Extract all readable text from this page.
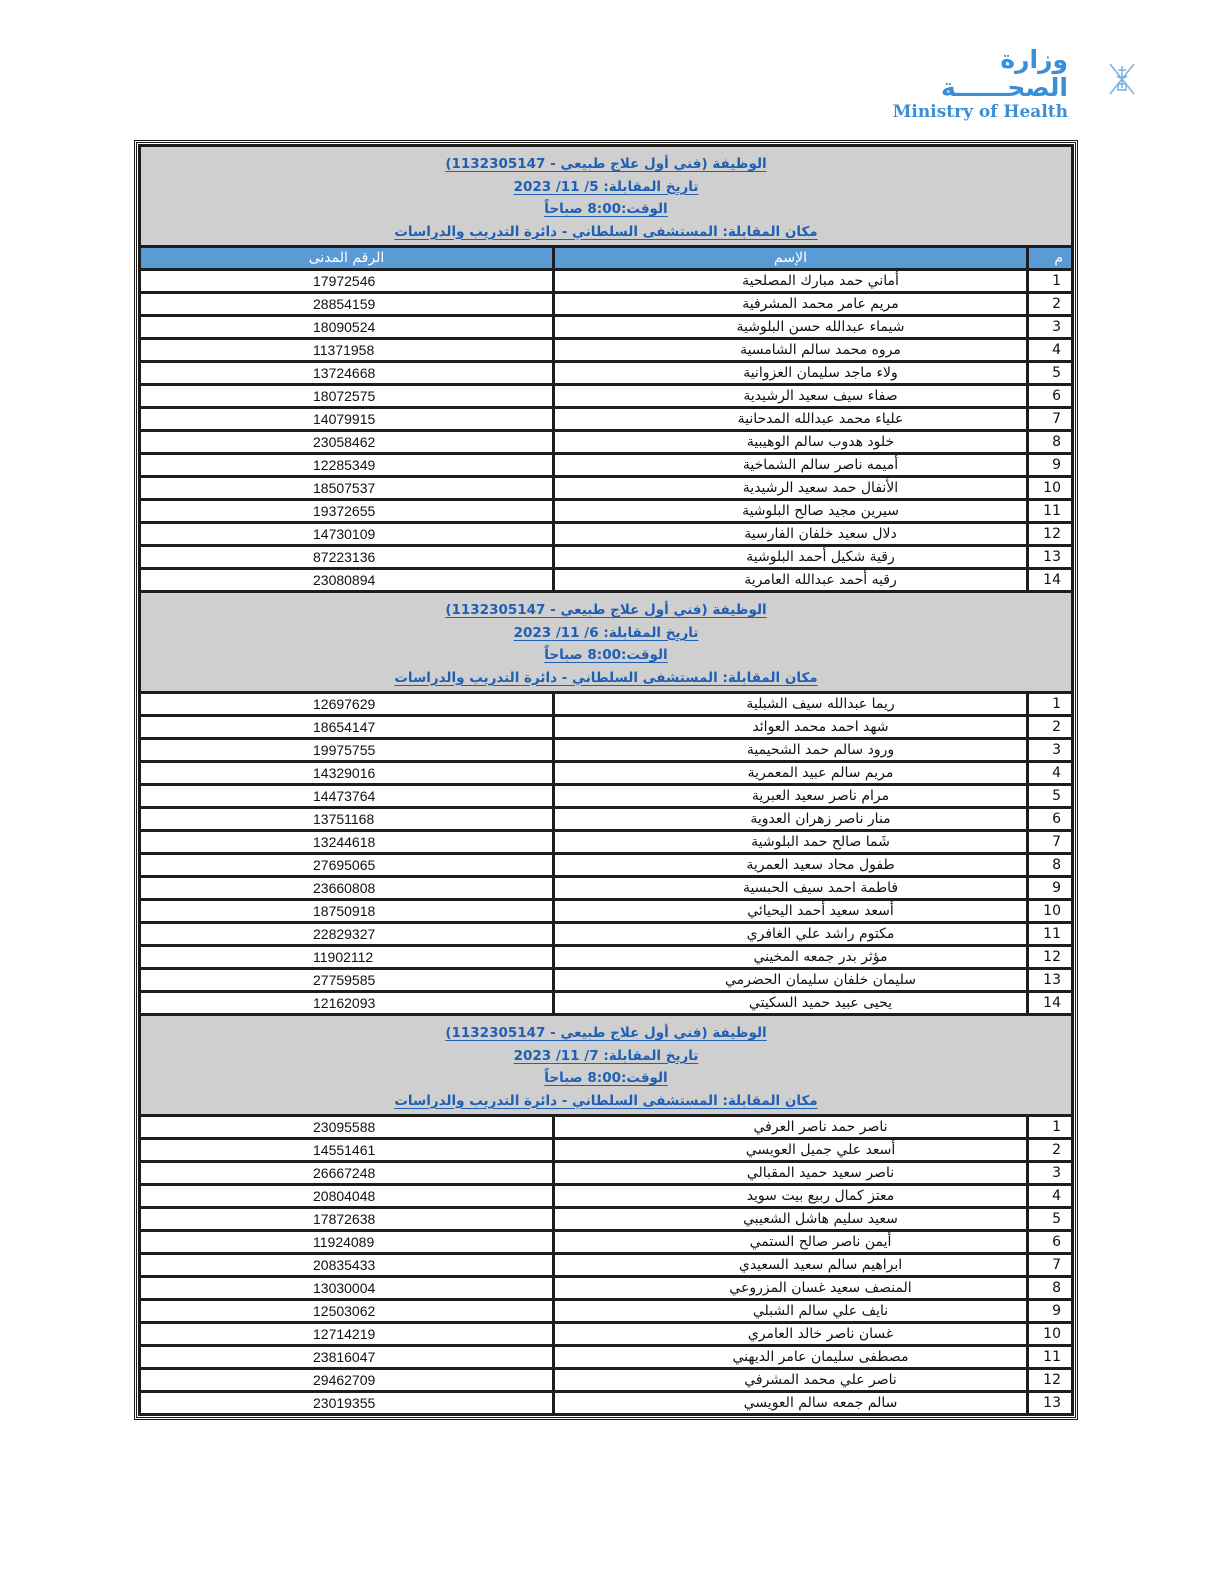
وزارة الصحــــــة
Ministry of Health
الوظيفة (فني أول علاج طبيعي - 1132305147)
تاريخ المقابلة: 5/ 11/ 2023
الوقت:8:00 صباحاً
مكان المقابلة: المستشفى السلطاني - دائرة التدريب والدراسات		

م	الإسم	الرقم المدنى
1	أماني حمد مبارك المصلحية	17972546
2	مريم عامر محمد المشرفية	28854159
3	شيماء عبدالله حسن البلوشية	18090524
4	مروه محمد سالم الشامسية	11371958
5	ولاء ماجد سليمان العزوانية	13724668
6	صفاء سيف سعيد الرشيدية	18072575
7	علياء محمد عبدالله المدحانية	14079915
8	خلود هدوب سالم الوهيبية	23058462
9	أميمه ناصر سالم الشماخية	12285349
10	الأنفال حمد سعيد الرشيدية	18507537
11	سيرين مجيد صالح البلوشية	19372655
12	دلال سعيد خلفان الفارسية	14730109
13	رقية شكيل أحمد البلوشية	87223136
14	رقيه أحمد عبدالله العامرية	23080894

الوظيفة (فني أول علاج طبيعي - 1132305147)
تاريخ المقابلة: 6/ 11/ 2023
الوقت:8:00 صباحاً
مكان المقابلة: المستشفى السلطاني - دائرة التدريب والدراسات		

1	ريما عبدالله سيف الشبلية	12697629
2	شهد احمد محمد العوائد	18654147
3	ورود سالم حمد الشحيمية	19975755
4	مريم سالم عبيد المعمرية	14329016
5	مرام ناصر سعيد العبرية	14473764
6	منار ناصر زهران العدوية	13751168
7	شَما صالح حمد البلوشية	13244618
8	طفول محاد سعيد العمرية	27695065
9	فاطمة احمد سيف الحبسية	23660808
10	أسعد سعيد أحمد اليحيائي	18750918
11	مكتوم راشد علي الغافري	22829327
12	مؤثر بدر جمعه المخيني	11902112
13	سليمان خلفان سليمان الحضرمي	27759585
14	يحيى عبيد حميد السكيتي	12162093

الوظيفة (فني أول علاج طبيعي - 1132305147)
تاريخ المقابلة: 7/ 11/ 2023
الوقت:8:00 صباحاً
مكان المقابلة: المستشفى السلطاني - دائرة التدريب والدراسات		

1	ناصر حمد ناصر العرفي	23095588
2	أسعد علي جميل العويسي	14551461
3	ناصر سعيد حميد المقبالي	26667248
4	معتز كمال ربيع بيت سويد	20804048
5	سعيد سليم هاشل الشعيبي	17872638
6	أيمن ناصر صالح الستمي	11924089
7	ابراهيم سالم سعيد السعيدي	20835433
8	المنصف سعيد غسان المزروعي	13030004
9	نايف علي سالم الشبلي	12503062
10	غسان ناصر خالد العامري	12714219
11	مصطفى سليمان عامر الديهني	23816047
12	ناصر علي محمد المشرفي	29462709
13	سالم جمعه سالم العويسي	23019355
